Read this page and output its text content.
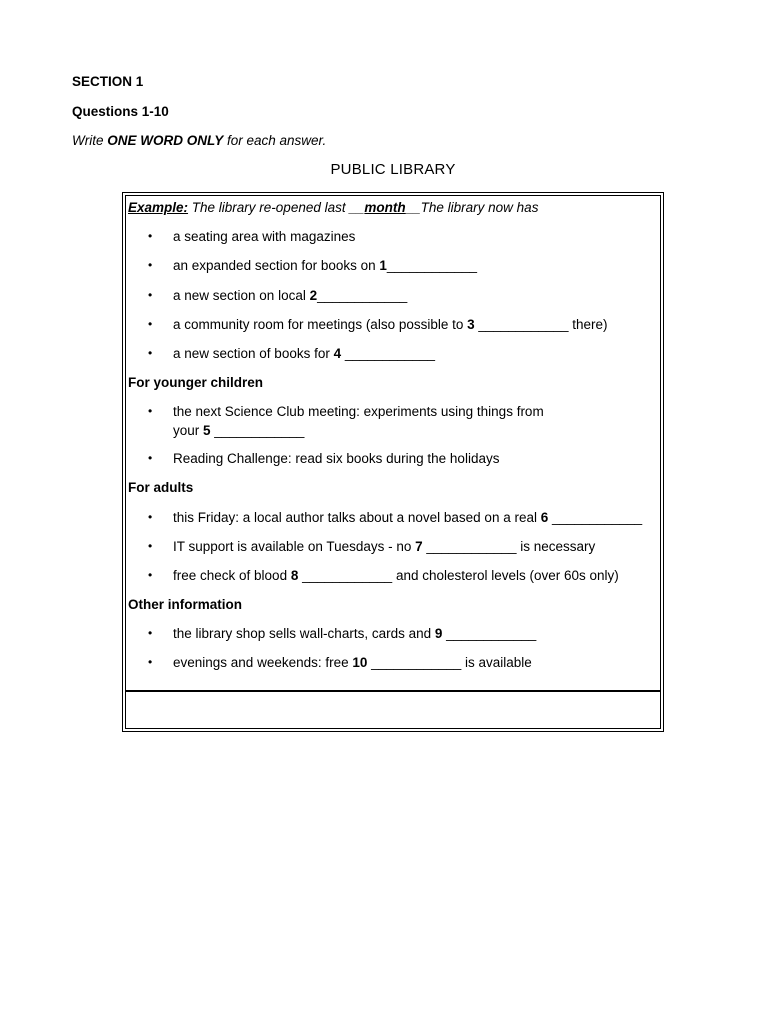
SECTION 1
Questions 1-10
Write ONE WORD ONLY for each answer.
PUBLIC LIBRARY
Example: The library re-opened last __month__The library now has
• a seating area with magazines
• an expanded section for books on 1____________
• a new section on local 2____________
• a community room for meetings (also possible to 3 ____________ there)
• a new section of books for 4 ____________
For younger children
• the next Science Club meeting: experiments using things from
your 5 ____________
• Reading Challenge: read six books during the holidays
For adults
• this Friday: a local author talks about a novel based on a real 6 ____________
• IT support is available on Tuesdays - no 7 ____________ is necessary
• free check of blood 8 ____________ and cholesterol levels (over 60s only)
Other information
• the library shop sells wall-charts, cards and 9 ____________
• evenings and weekends: free 10 ____________ is available
